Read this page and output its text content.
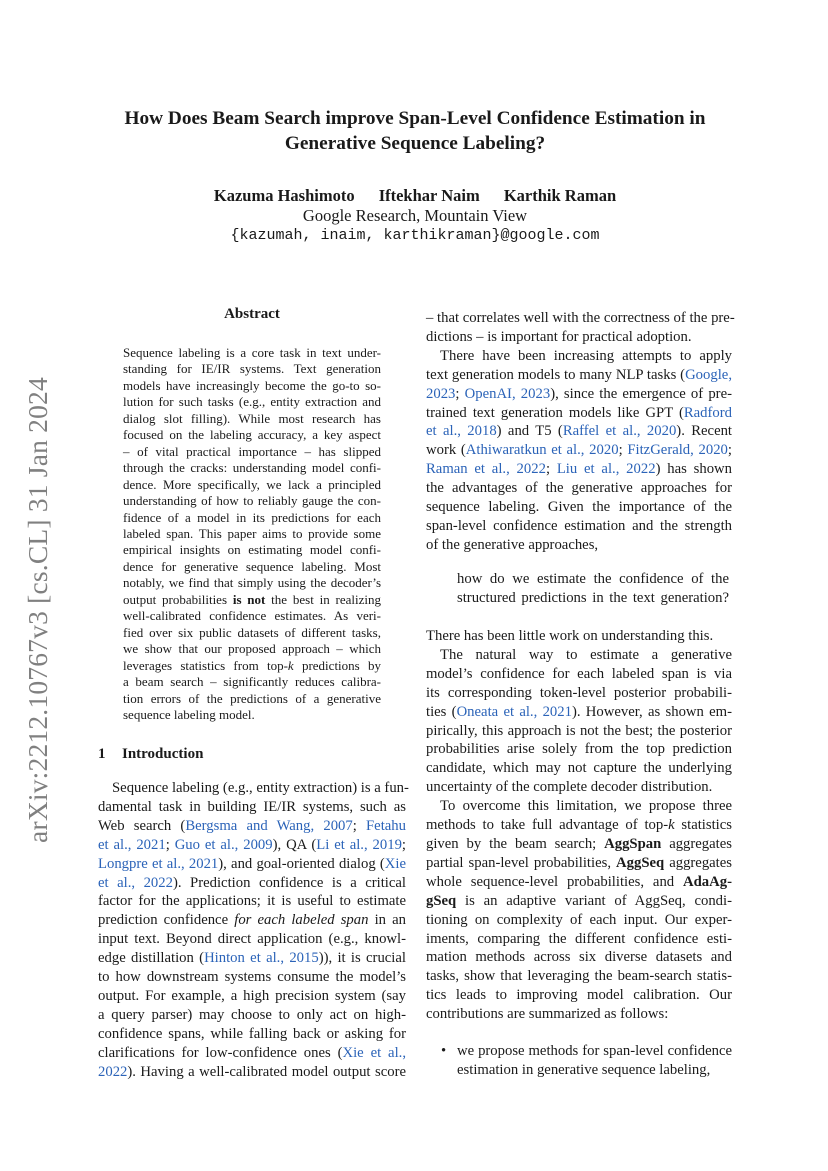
arXiv:2212.10767v3 [cs.CL] 31 Jan 2024
How Does Beam Search improve Span-Level Confidence Estimation in
Generative Sequence Labeling?
Kazuma Hashimoto Iftekhar Naim Karthik Raman
Google Research, Mountain View
{kazumah, inaim, karthikraman}@google.com
Abstract
Sequence labeling is a core task in text under-
standing for IE/IR systems. Text generation
models have increasingly become the go-to so-
lution for such tasks (e.g., entity extraction and
dialog slot filling). While most research has
focused on the labeling accuracy, a key aspect
– of vital practical importance – has slipped
through the cracks: understanding model confi-
dence. More specifically, we lack a principled
understanding of how to reliably gauge the con-
fidence of a model in its predictions for each
labeled span. This paper aims to provide some
empirical insights on estimating model confi-
dence for generative sequence labeling. Most
notably, we find that simply using the decoder’s
output probabilities is not the best in realizing
well-calibrated confidence estimates. As veri-
fied over six public datasets of different tasks,
we show that our proposed approach – which
leverages statistics from top-k predictions by
a beam search – significantly reduces calibra-
tion errors of the predictions of a generative
sequence labeling model.
1 Introduction
Sequence labeling (e.g., entity extraction) is a fun-
damental task in building IE/IR systems, such as
Web search (Bergsma and Wang, 2007; Fetahu
et al., 2021; Guo et al., 2009), QA (Li et al., 2019;
Longpre et al., 2021), and goal-oriented dialog (Xie
et al., 2022). Prediction confidence is a critical
factor for the applications; it is useful to estimate
prediction confidence for each labeled span in an
input text. Beyond direct application (e.g., knowl-
edge distillation (Hinton et al., 2015)), it is crucial
to how downstream systems consume the model’s
output. For example, a high precision system (say
a query parser) may choose to only act on high-
confidence spans, while falling back or asking for
clarifications for low-confidence ones (Xie et al.,
2022). Having a well-calibrated model output score
– that correlates well with the correctness of the pre-
dictions – is important for practical adoption.
There have been increasing attempts to apply
text generation models to many NLP tasks (Google,
2023; OpenAI, 2023), since the emergence of pre-
trained text generation models like GPT (Radford
et al., 2018) and T5 (Raffel et al., 2020). Recent
work (Athiwaratkun et al., 2020; FitzGerald, 2020;
Raman et al., 2022; Liu et al., 2022) has shown
the advantages of the generative approaches for
sequence labeling. Given the importance of the
span-level confidence estimation and the strength
of the generative approaches,
how do we estimate the confidence of the
structured predictions in the text generation?
There has been little work on understanding this.
The natural way to estimate a generative
model’s confidence for each labeled span is via
its corresponding token-level posterior probabili-
ties (Oneata et al., 2021). However, as shown em-
pirically, this approach is not the best; the posterior
probabilities arise solely from the top prediction
candidate, which may not capture the underlying
uncertainty of the complete decoder distribution.
To overcome this limitation, we propose three
methods to take full advantage of top-k statistics
given by the beam search; AggSpan aggregates
partial span-level probabilities, AggSeq aggregates
whole sequence-level probabilities, and AdaAg-
gSeq is an adaptive variant of AggSeq, condi-
tioning on complexity of each input. Our exper-
iments, comparing the different confidence esti-
mation methods across six diverse datasets and
tasks, show that leveraging the beam-search statis-
tics leads to improving model calibration. Our
contributions are summarized as follows:
• we propose methods for span-level confidence
estimation in generative sequence labeling,
